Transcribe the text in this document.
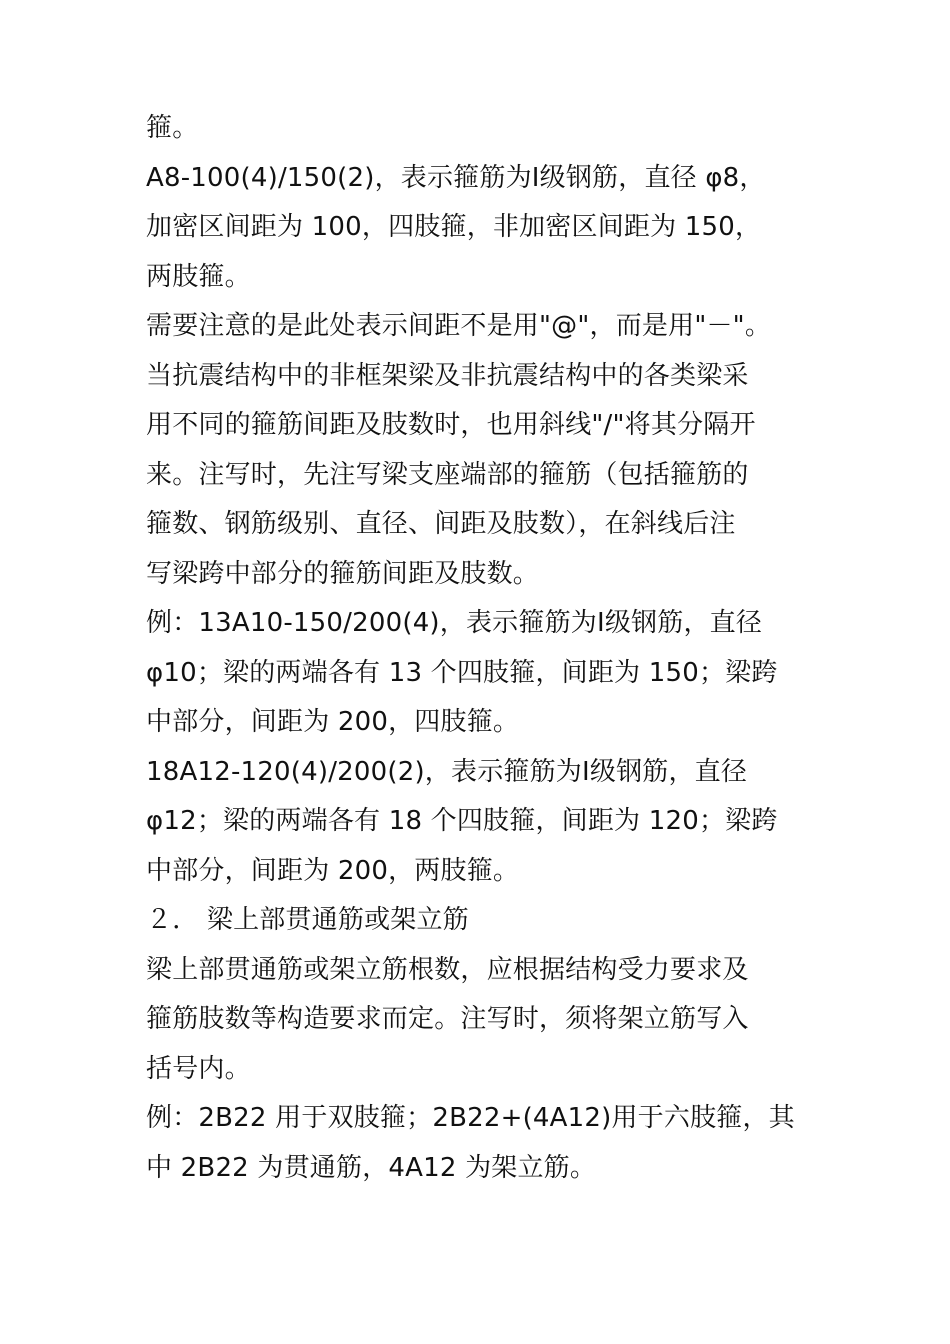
箍。
A8-100(4)/150(2)，表示箍筋为Ⅰ级钢筋，直径 φ8，
加密区间距为 100，四肢箍，非加密区间距为 150，
两肢箍。
需要注意的是此处表示间距不是用"@"，而是用"－"。
当抗震结构中的非框架梁及非抗震结构中的各类梁采
用不同的箍筋间距及肢数时，也用斜线"/"将其分隔开
来。注写时，先注写梁支座端部的箍筋（包括箍筋的
箍数、钢筋级别、直径、间距及肢数），在斜线后注
写梁跨中部分的箍筋间距及肢数。
例：13A10-150/200(4)，表示箍筋为Ⅰ级钢筋，直径
φ10；梁的两端各有 13 个四肢箍，间距为 150；梁跨
中部分，间距为 200，四肢箍。
18A12-120(4)/200(2)，表示箍筋为Ⅰ级钢筋，直径
φ12；梁的两端各有 18 个四肢箍，间距为 120；梁跨
中部分，间距为 200，两肢箍。
２． 梁上部贯通筋或架立筋
梁上部贯通筋或架立筋根数，应根据结构受力要求及
箍筋肢数等构造要求而定。注写时，须将架立筋写入
括号内。
例：2B22 用于双肢箍；2B22+(4A12)用于六肢箍，其
中 2B22 为贯通筋，4A12 为架立筋。
